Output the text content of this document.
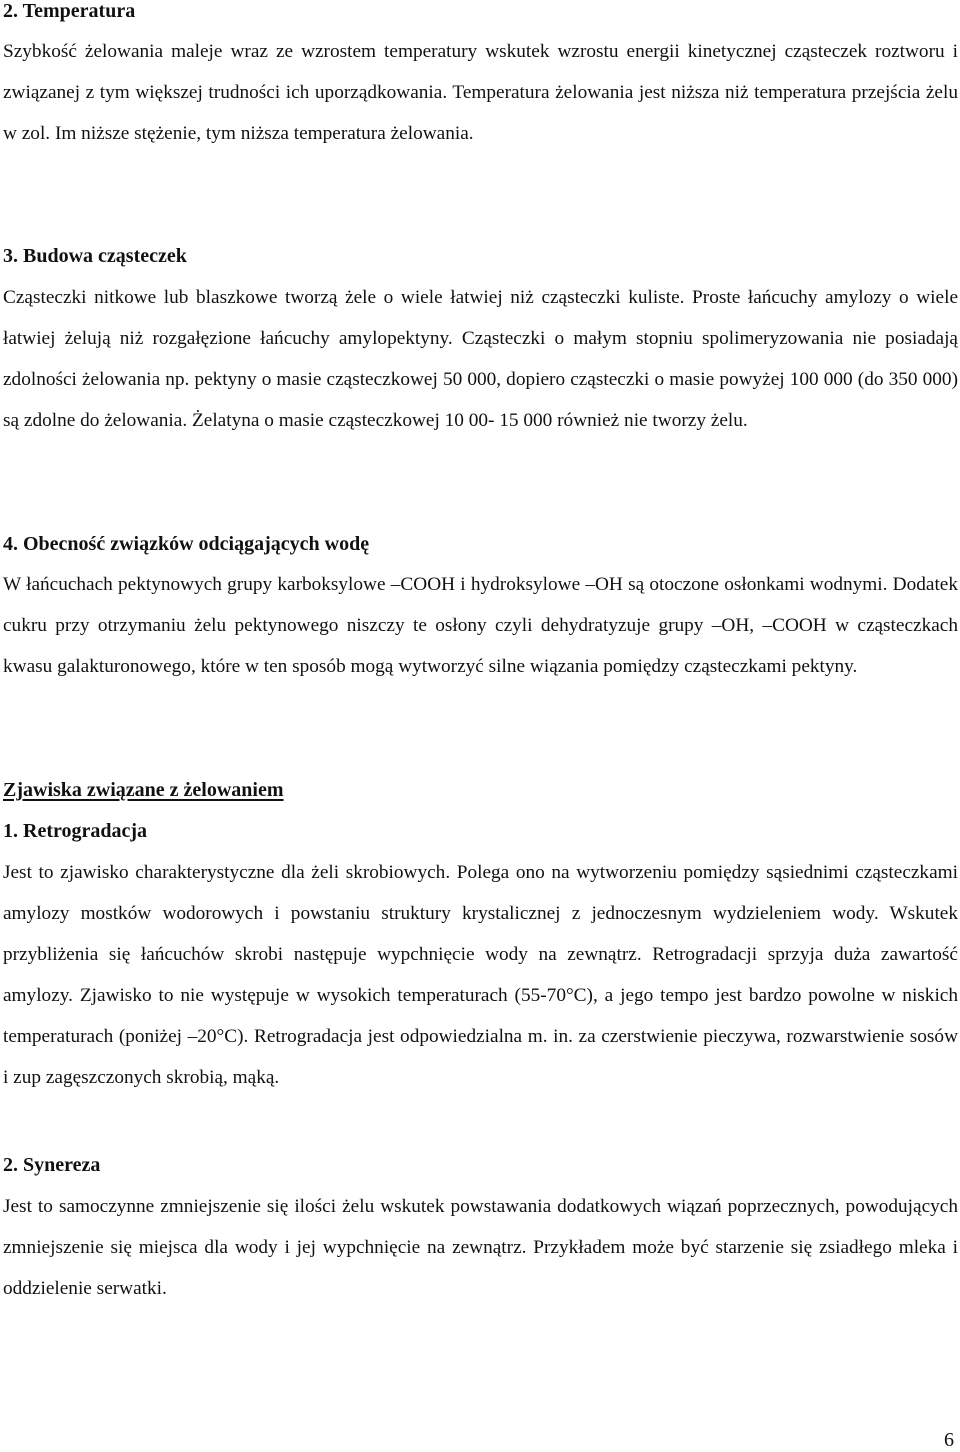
2. Temperatura

Szybkość żelowania maleje wraz ze wzrostem temperatury wskutek wzrostu energii kinetycznej cząsteczek roztworu i związanej z tym większej trudności ich uporządkowania. Temperatura żelowania jest niższa niż temperatura przejścia żelu w zol. Im niższe stężenie, tym niższa temperatura żelowania.

3. Budowa cząsteczek

Cząsteczki nitkowe lub blaszkowe tworzą żele o wiele łatwiej niż cząsteczki kuliste. Proste łańcuchy amylozy o wiele łatwiej żelują niż rozgałęzione łańcuchy amylopektyny. Cząsteczki o małym stopniu spolimeryzowania nie posiadają zdolności żelowania np. pektyny o masie cząsteczkowej 50 000, dopiero cząsteczki o masie powyżej 100 000 (do 350 000) są zdolne do żelowania. Żelatyna o masie cząsteczkowej 10 00- 15 000 również nie tworzy żelu.

4. Obecność związków odciągających wodę

W łańcuchach pektynowych grupy karboksylowe –COOH i hydroksylowe –OH są otoczone osłonkami wodnymi. Dodatek cukru przy otrzymaniu żelu pektynowego niszczy te osłony czyli dehydratyzuje grupy –OH, –COOH w cząsteczkach kwasu galakturonowego, które w ten sposób mogą wytworzyć silne wiązania pomiędzy cząsteczkami pektyny.

Zjawiska związane z żelowaniem
1. Retrogradacja

Jest to zjawisko charakterystyczne dla żeli skrobiowych. Polega ono na wytworzeniu pomiędzy sąsiednimi cząsteczkami amylozy mostków wodorowych i powstaniu struktury krystalicznej z jednoczesnym wydzieleniem wody. Wskutek przybliżenia się łańcuchów skrobi następuje wypchnięcie wody na zewnątrz. Retrogradacji sprzyja duża zawartość amylozy. Zjawisko to nie występuje w wysokich temperaturach (55-70°C), a jego tempo jest bardzo powolne w niskich temperaturach (poniżej –20°C). Retrogradacja jest odpowiedzialna m. in. za czerstwienie pieczywa, rozwarstwienie sosów i zup zagęszczonych skrobią, mąką.

2. Synereza

Jest to samoczynne zmniejszenie się ilości żelu wskutek powstawania dodatkowych wiązań poprzecznych, powodujących zmniejszenie się miejsca dla wody i jej wypchnięcie na zewnątrz. Przykładem może być starzenie się zsiadłego mleka i oddzielenie serwatki.

6
